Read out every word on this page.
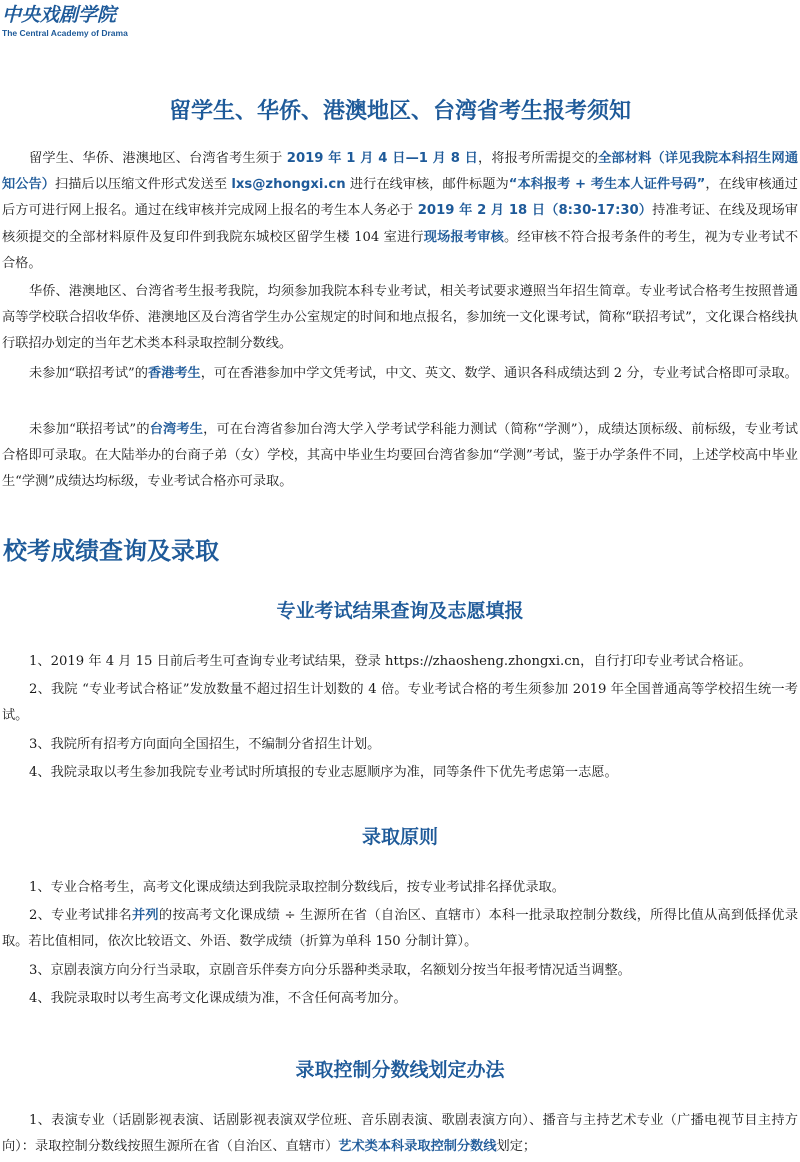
中央戏剧学院
The Central Academy of Drama
留学生、华侨、港澳地区、台湾省考生报考须知

留学生、华侨、港澳地区、台湾省考生须于 2019 年 1 月 4 日—1 月 8 日，将报考所需提交的全部材料（详见我院本科招生网通知公告）扫描后以压缩文件形式发送至 lxs@zhongxi.cn 进行在线审核，邮件标题为“本科报考 + 考生本人证件号码”，在线审核通过后方可进行网上报名。通过在线审核并完成网上报名的考生本人务必于 2019 年 2 月 18 日（8:30-17:30）持准考证、在线及现场审核须提交的全部材料原件及复印件到我院东城校区留学生楼 104 室进行现场报考审核。经审核不符合报考条件的考生，视为专业考试不合格。

华侨、港澳地区、台湾省考生报考我院，均须参加我院本科专业考试，相关考试要求遵照当年招生简章。专业考试合格考生按照普通高等学校联合招收华侨、港澳地区及台湾省学生办公室规定的时间和地点报名，参加统一文化课考试，简称“联招考试”，文化课合格线执行联招办划定的当年艺术类本科录取控制分数线。

未参加“联招考试”的香港考生，可在香港参加中学文凭考试，中文、英文、数学、通识各科成绩达到 2 分，专业考试合格即可录取。

未参加“联招考试”的台湾考生，可在台湾省参加台湾大学入学考试学科能力测试（简称“学测”），成绩达顶标级、前标级，专业考试合格即可录取。在大陆举办的台商子弟（女）学校，其高中毕业生均要回台湾省参加“学测”考试，鉴于办学条件不同，上述学校高中毕业生“学测”成绩达均标级，专业考试合格亦可录取。

校考成绩查询及录取
专业考试结果查询及志愿填报
1、2019 年 4 月 15 日前后考生可查询专业考试结果，登录 https://zhaosheng.zhongxi.cn，自行打印专业考试合格证。
2、我院 “专业考试合格证”发放数量不超过招生计划数的 4 倍。专业考试合格的考生须参加 2019 年全国普通高等学校招生统一考试。
3、我院所有招考方向面向全国招生，不编制分省招生计划。
4、我院录取以考生参加我院专业考试时所填报的专业志愿顺序为准，同等条件下优先考虑第一志愿。
录取原则
1、专业合格考生，高考文化课成绩达到我院录取控制分数线后，按专业考试排名择优录取。
2、专业考试排名并列的按高考文化课成绩 ÷ 生源所在省（自治区、直辖市）本科一批录取控制分数线，所得比值从高到低择优录取。若比值相同，依次比较语文、外语、数学成绩（折算为单科 150 分制计算）。
3、京剧表演方向分行当录取，京剧音乐伴奏方向分乐器种类录取，名额划分按当年报考情况适当调整。
4、我院录取时以考生高考文化课成绩为准，不含任何高考加分。
录取控制分数线划定办法
1、表演专业（话剧影视表演、话剧影视表演双学位班、音乐剧表演、歌剧表演方向）、播音与主持艺术专业（广播电视节目主持方向）：录取控制分数线按照生源所在省（自治区、直辖市）艺术类本科录取控制分数线划定；
